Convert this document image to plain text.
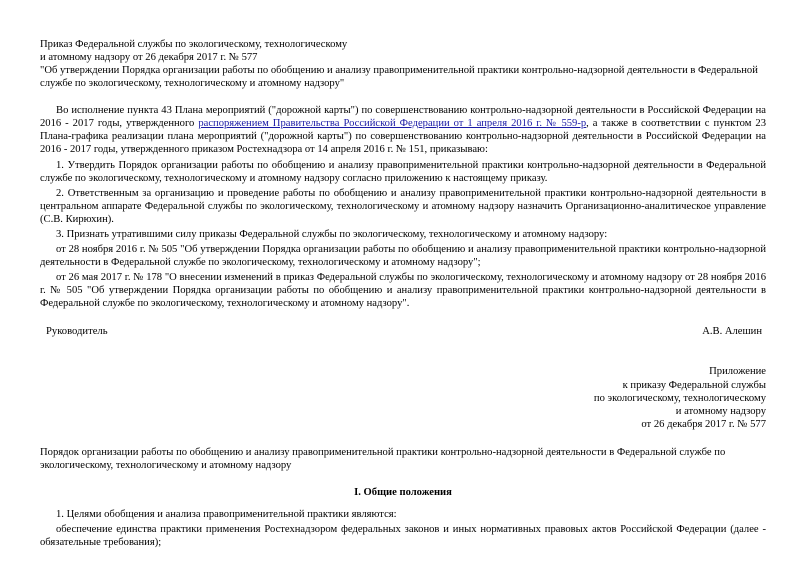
Приказ Федеральной службы по экологическому, технологическому

и атомному надзору от 26 декабря 2017 г. № 577

"Об утверждении Порядка организации работы по обобщению и анализу правоприменительной практики контрольно-надзорной деятельности в Федеральной службе по экологическому, технологическому и атомному надзору"

Во исполнение пункта 43 Плана мероприятий ("дорожной карты") по совершенствованию контрольно-надзорной деятельности в Российской Федерации на 2016 - 2017 годы, утвержденного распоряжением Правительства Российской Федерации от 1 апреля 2016 г. № 559-р, а также в соответствии с пунктом 23 Плана-графика реализации плана мероприятий ("дорожной карты") по совершенствованию контрольно-надзорной деятельности в Российской Федерации на 2016 - 2017 годы, утвержденного приказом Ростехнадзора от 14 апреля 2016 г. № 151, приказываю:

1. Утвердить Порядок организации работы по обобщению и анализу правоприменительной практики контрольно-надзорной деятельности в Федеральной службе по экологическому, технологическому и атомному надзору согласно приложению к настоящему приказу.

2. Ответственным за организацию и проведение работы по обобщению и анализу правоприменительной практики контрольно-надзорной деятельности в центральном аппарате Федеральной службы по экологическому, технологическому и атомному надзору назначить Организационно-аналитическое управление (С.В. Кирюхин).

3. Признать утратившими силу приказы Федеральной службы по экологическому, технологическому и атомному надзору:

от 28 ноября 2016 г. № 505 "Об утверждении Порядка организации работы по обобщению и анализу правоприменительной практики контрольно-надзорной деятельности в Федеральной службе по экологическому, технологическому и атомному надзору";

от 26 мая 2017 г. № 178 "О внесении изменений в приказ Федеральной службы по экологическому, технологическому и атомному надзору от 28 ноября 2016 г. № 505 "Об утверждении Порядка организации работы по обобщению и анализу правоприменительной практики контрольно-надзорной деятельности в Федеральной службе по экологическому, технологическому и атомному надзору".

Руководитель	А.В. Алешин

Приложение

к приказу Федеральной службы

по экологическому, технологическому

и атомному надзору

от 26 декабря 2017 г. № 577

Порядок организации работы по обобщению и анализу правоприменительной практики контрольно-надзорной деятельности в Федеральной службе по экологическому, технологическому и атомному надзору

I. Общие положения

1. Целями обобщения и анализа правоприменительной практики являются:

обеспечение единства практики применения Ростехнадзором федеральных законов и иных нормативных правовых актов Российской Федерации (далее - обязательные требования);
